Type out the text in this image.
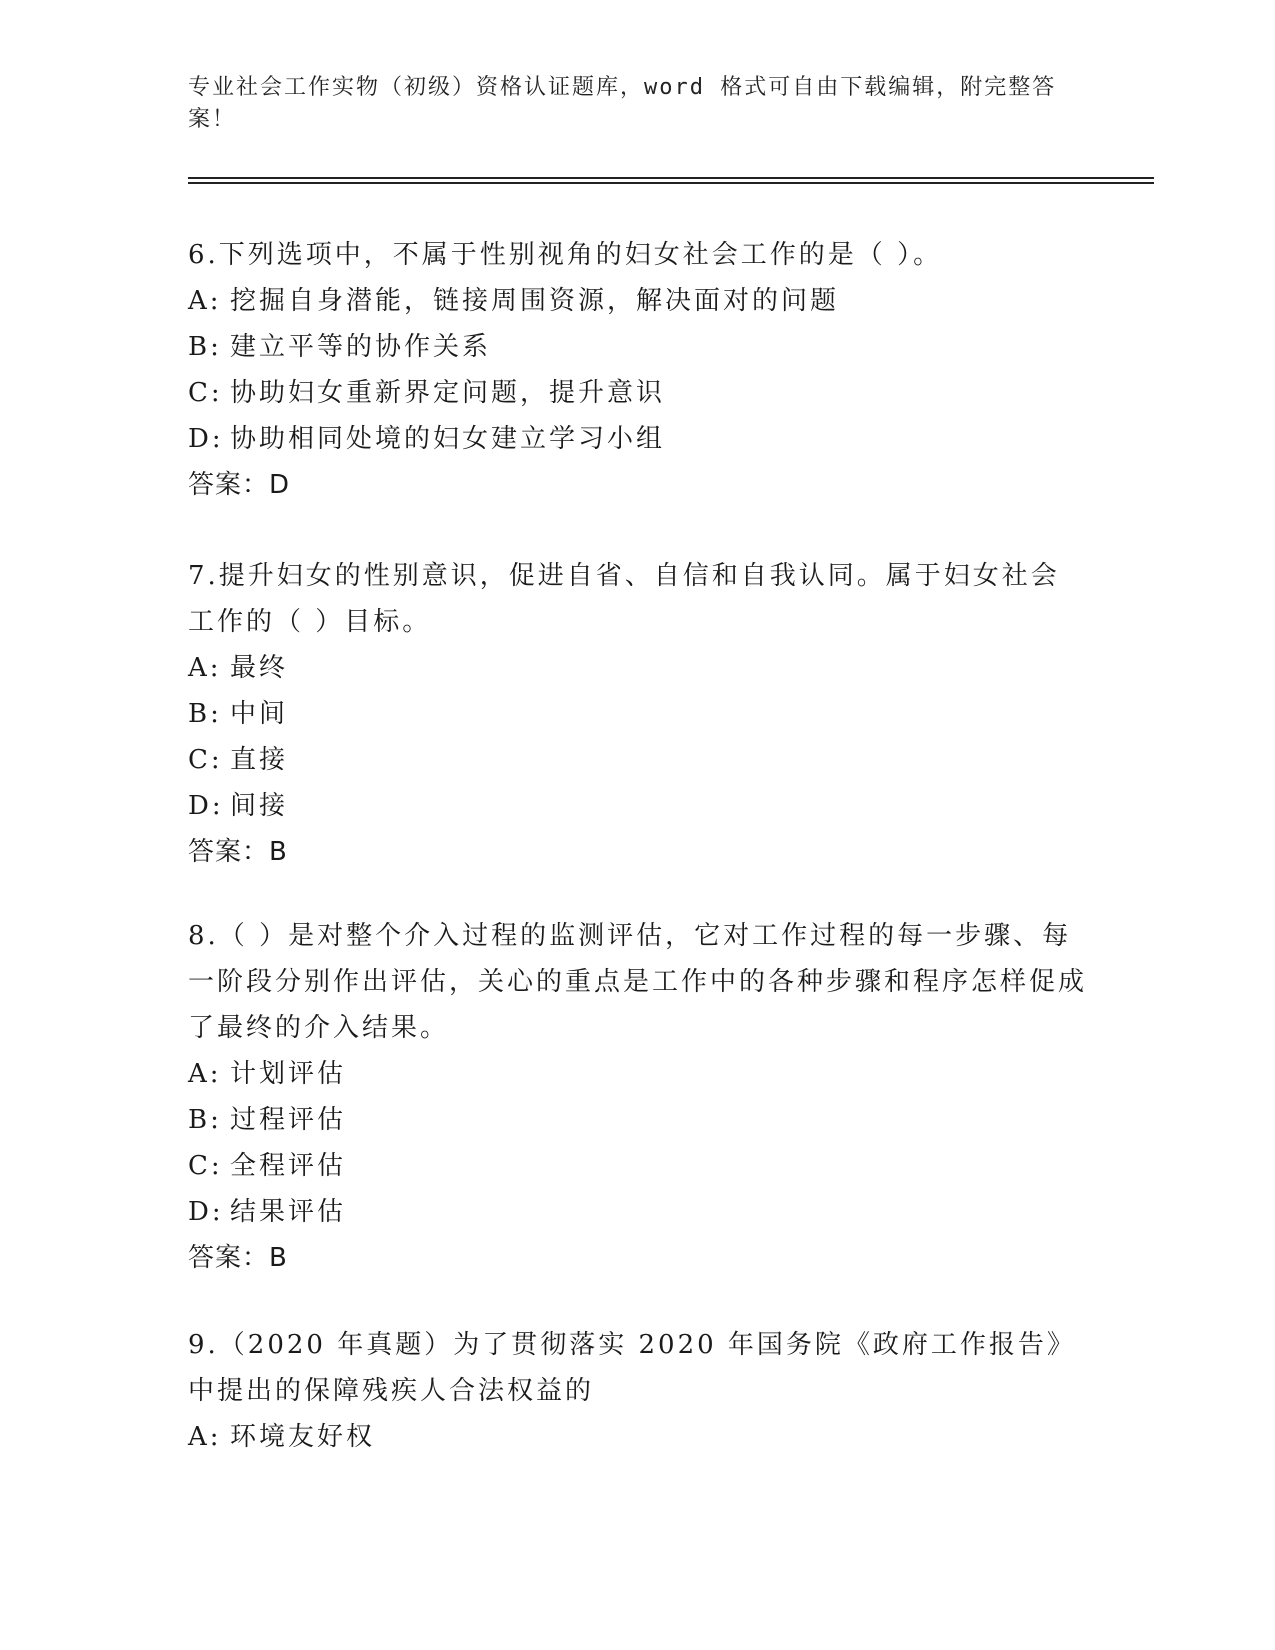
专业社会工作实物（初级）资格认证题库，word 格式可自由下载编辑，附完整答案！
6.下列选项中，不属于性别视角的妇女社会工作的是（ ）。
A: 挖掘自身潜能，链接周围资源，解决面对的问题
B: 建立平等的协作关系
C: 协助妇女重新界定问题，提升意识
D: 协助相同处境的妇女建立学习小组
答案：D
7.提升妇女的性别意识，促进自省、自信和自我认同。属于妇女社会工作的（ ）目标。
A: 最终
B: 中间
C: 直接
D: 间接
答案：B
8.（ ）是对整个介入过程的监测评估，它对工作过程的每一步骤、每一阶段分别作出评估，关心的重点是工作中的各种步骤和程序怎样促成了最终的介入结果。
A: 计划评估
B: 过程评估
C: 全程评估
D: 结果评估
答案：B
9.（2020 年真题）为了贯彻落实 2020 年国务院《政府工作报告》中提出的保障残疾人合法权益的
A: 环境友好权
